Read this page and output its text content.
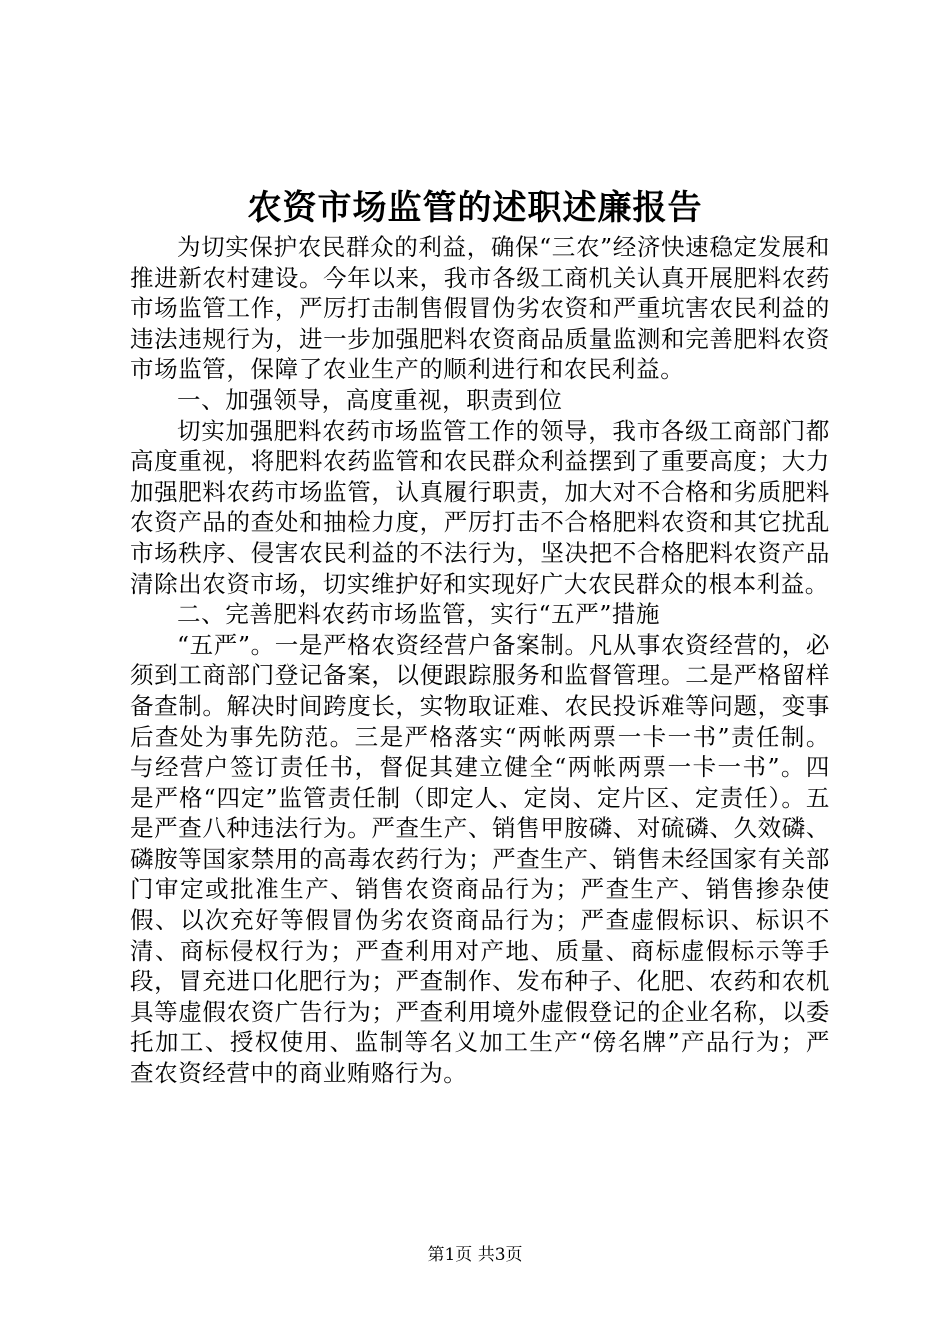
农资市场监管的述职述廉报告

为切实保护农民群众的利益，确保“三农”经济快速稳定发展和推进新农村建设。今年以来，我市各级工商机关认真开展肥料农药市场监管工作，严厉打击制售假冒伪劣农资和严重坑害农民利益的违法违规行为，进一步加强肥料农资商品质量监测和完善肥料农资市场监管，保障了农业生产的顺利进行和农民利益。

一、加强领导，高度重视，职责到位

切实加强肥料农药市场监管工作的领导，我市各级工商部门都高度重视，将肥料农药监管和农民群众利益摆到了重要高度；大力加强肥料农药市场监管，认真履行职责，加大对不合格和劣质肥料农资产品的查处和抽检力度，严厉打击不合格肥料农资和其它扰乱市场秩序、侵害农民利益的不法行为，坚决把不合格肥料农资产品清除出农资市场，切实维护好和实现好广大农民群众的根本利益。

二、完善肥料农药市场监管，实行“五严”措施

“五严”。一是严格农资经营户备案制。凡从事农资经营的，必须到工商部门登记备案，以便跟踪服务和监督管理。二是严格留样备查制。解决时间跨度长，实物取证难、农民投诉难等问题，变事后查处为事先防范。三是严格落实“两帐两票一卡一书”责任制。与经营户签订责任书，督促其建立健全“两帐两票一卡一书”。四是严格“四定”监管责任制（即定人、定岗、定片区、定责任）。五是严查八种违法行为。严查生产、销售甲胺磷、对硫磷、久效磷、磷胺等国家禁用的高毒农药行为；严查生产、销售未经国家有关部门审定或批准生产、销售农资商品行为；严查生产、销售掺杂使假、以次充好等假冒伪劣农资商品行为；严查虚假标识、标识不清、商标侵权行为；严查利用对产地、质量、商标虚假标示等手段，冒充进口化肥行为；严查制作、发布种子、化肥、农药和农机具等虚假农资广告行为；严查利用境外虚假登记的企业名称，以委托加工、授权使用、监制等名义加工生产“傍名牌”产品行为；严查农资经营中的商业贿赂行为。

第1页 共3页
